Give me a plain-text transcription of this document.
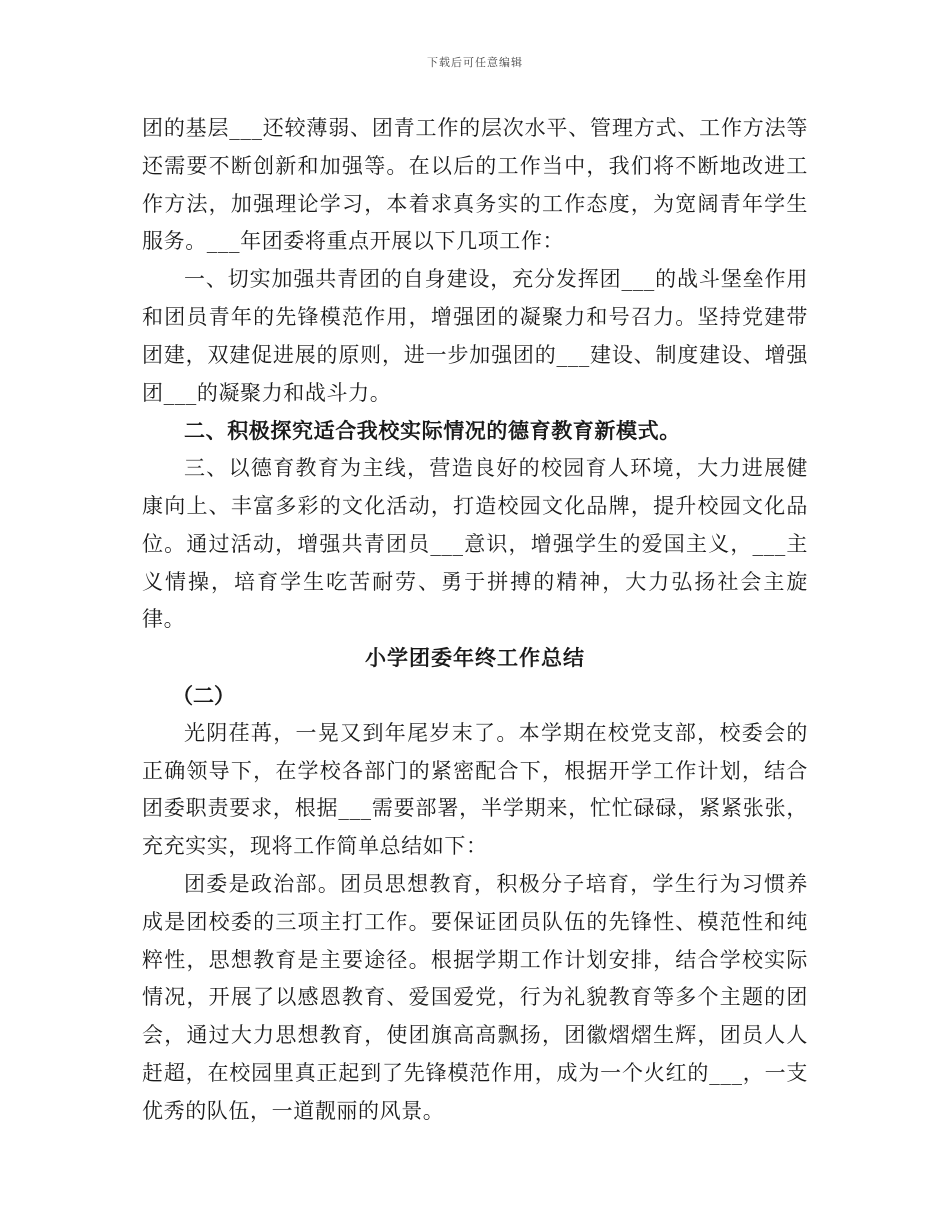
下载后可任意编辑

团的基层___还较薄弱、团青工作的层次水平、管理方式、工作方法等还需要不断创新和加强等。在以后的工作当中，我们将不断地改进工作方法，加强理论学习，本着求真务实的工作态度，为宽阔青年学生服务。___年团委将重点开展以下几项工作：

一、切实加强共青团的自身建设，充分发挥团___的战斗堡垒作用和团员青年的先锋模范作用，增强团的凝聚力和号召力。坚持党建带团建，双建促进展的原则，进一步加强团的___建设、制度建设、增强团___的凝聚力和战斗力。

二、积极探究适合我校实际情况的德育教育新模式。

三、以德育教育为主线，营造良好的校园育人环境，大力进展健康向上、丰富多彩的文化活动，打造校园文化品牌，提升校园文化品位。通过活动，增强共青团员___意识，增强学生的爱国主义，___主义情操，培育学生吃苦耐劳、勇于拼搏的精神，大力弘扬社会主旋律。

小学团委年终工作总结

（二）

光阴荏苒，一晃又到年尾岁末了。本学期在校党支部，校委会的正确领导下，在学校各部门的紧密配合下，根据开学工作计划，结合团委职责要求，根据___需要部署，半学期来，忙忙碌碌，紧紧张张，充充实实，现将工作简单总结如下：

团委是政治部。团员思想教育，积极分子培育，学生行为习惯养成是团校委的三项主打工作。要保证团员队伍的先锋性、模范性和纯粹性，思想教育是主要途径。根据学期工作计划安排，结合学校实际情况，开展了以感恩教育、爱国爱党，行为礼貌教育等多个主题的团会，通过大力思想教育，使团旗高高飘扬，团徽熠熠生辉，团员人人赶超，在校园里真正起到了先锋模范作用，成为一个火红的___，一支优秀的队伍，一道靓丽的风景。
